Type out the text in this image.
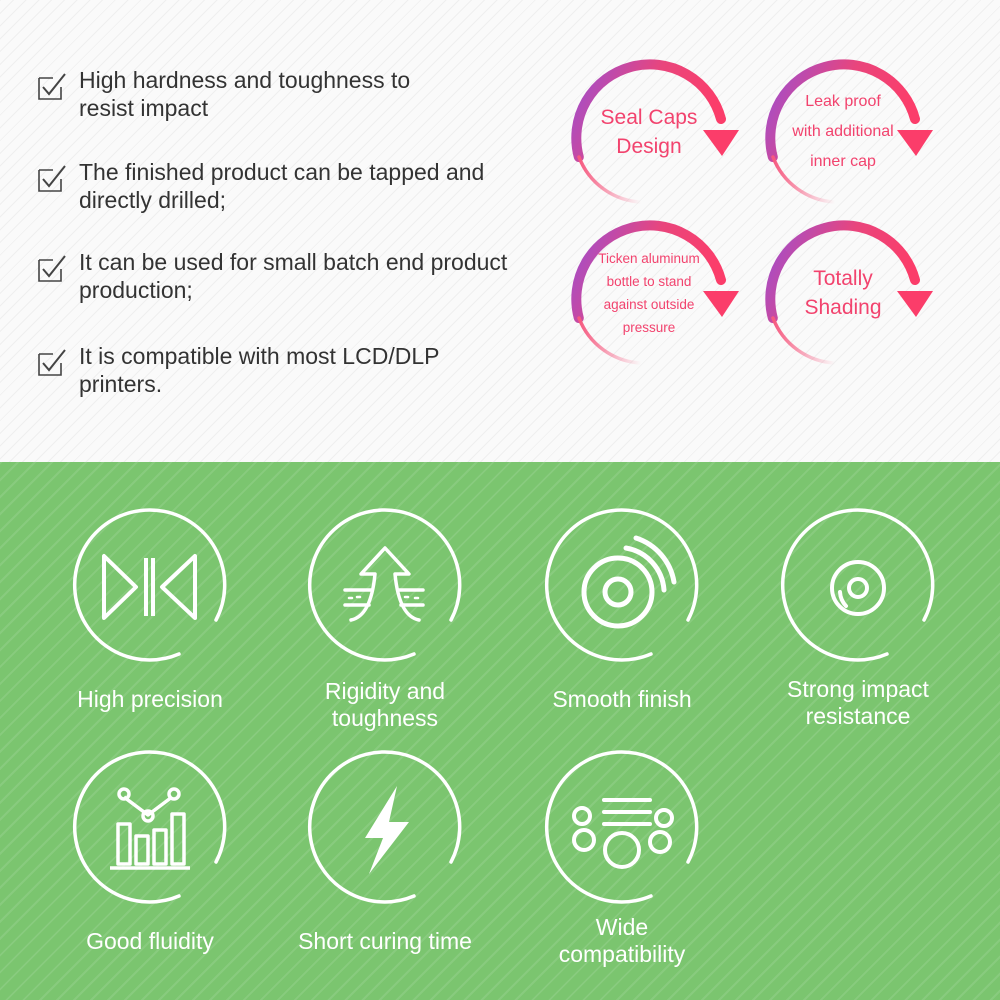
High hardness and toughness to
resist impact
The finished product can be tapped and
directly drilled;
It can be used for small batch end product
production;
It is compatible with most LCD/DLP
printers.
Seal Caps
Design
Leak proof
with additional
inner cap
Ticken aluminum
bottle to stand
against outside
pressure
Totally
Shading
High precision	Rigidity and
toughness
Smooth finish	Strong impact
resistance
Good fluidity	Short curing time
Wide
compatibility
